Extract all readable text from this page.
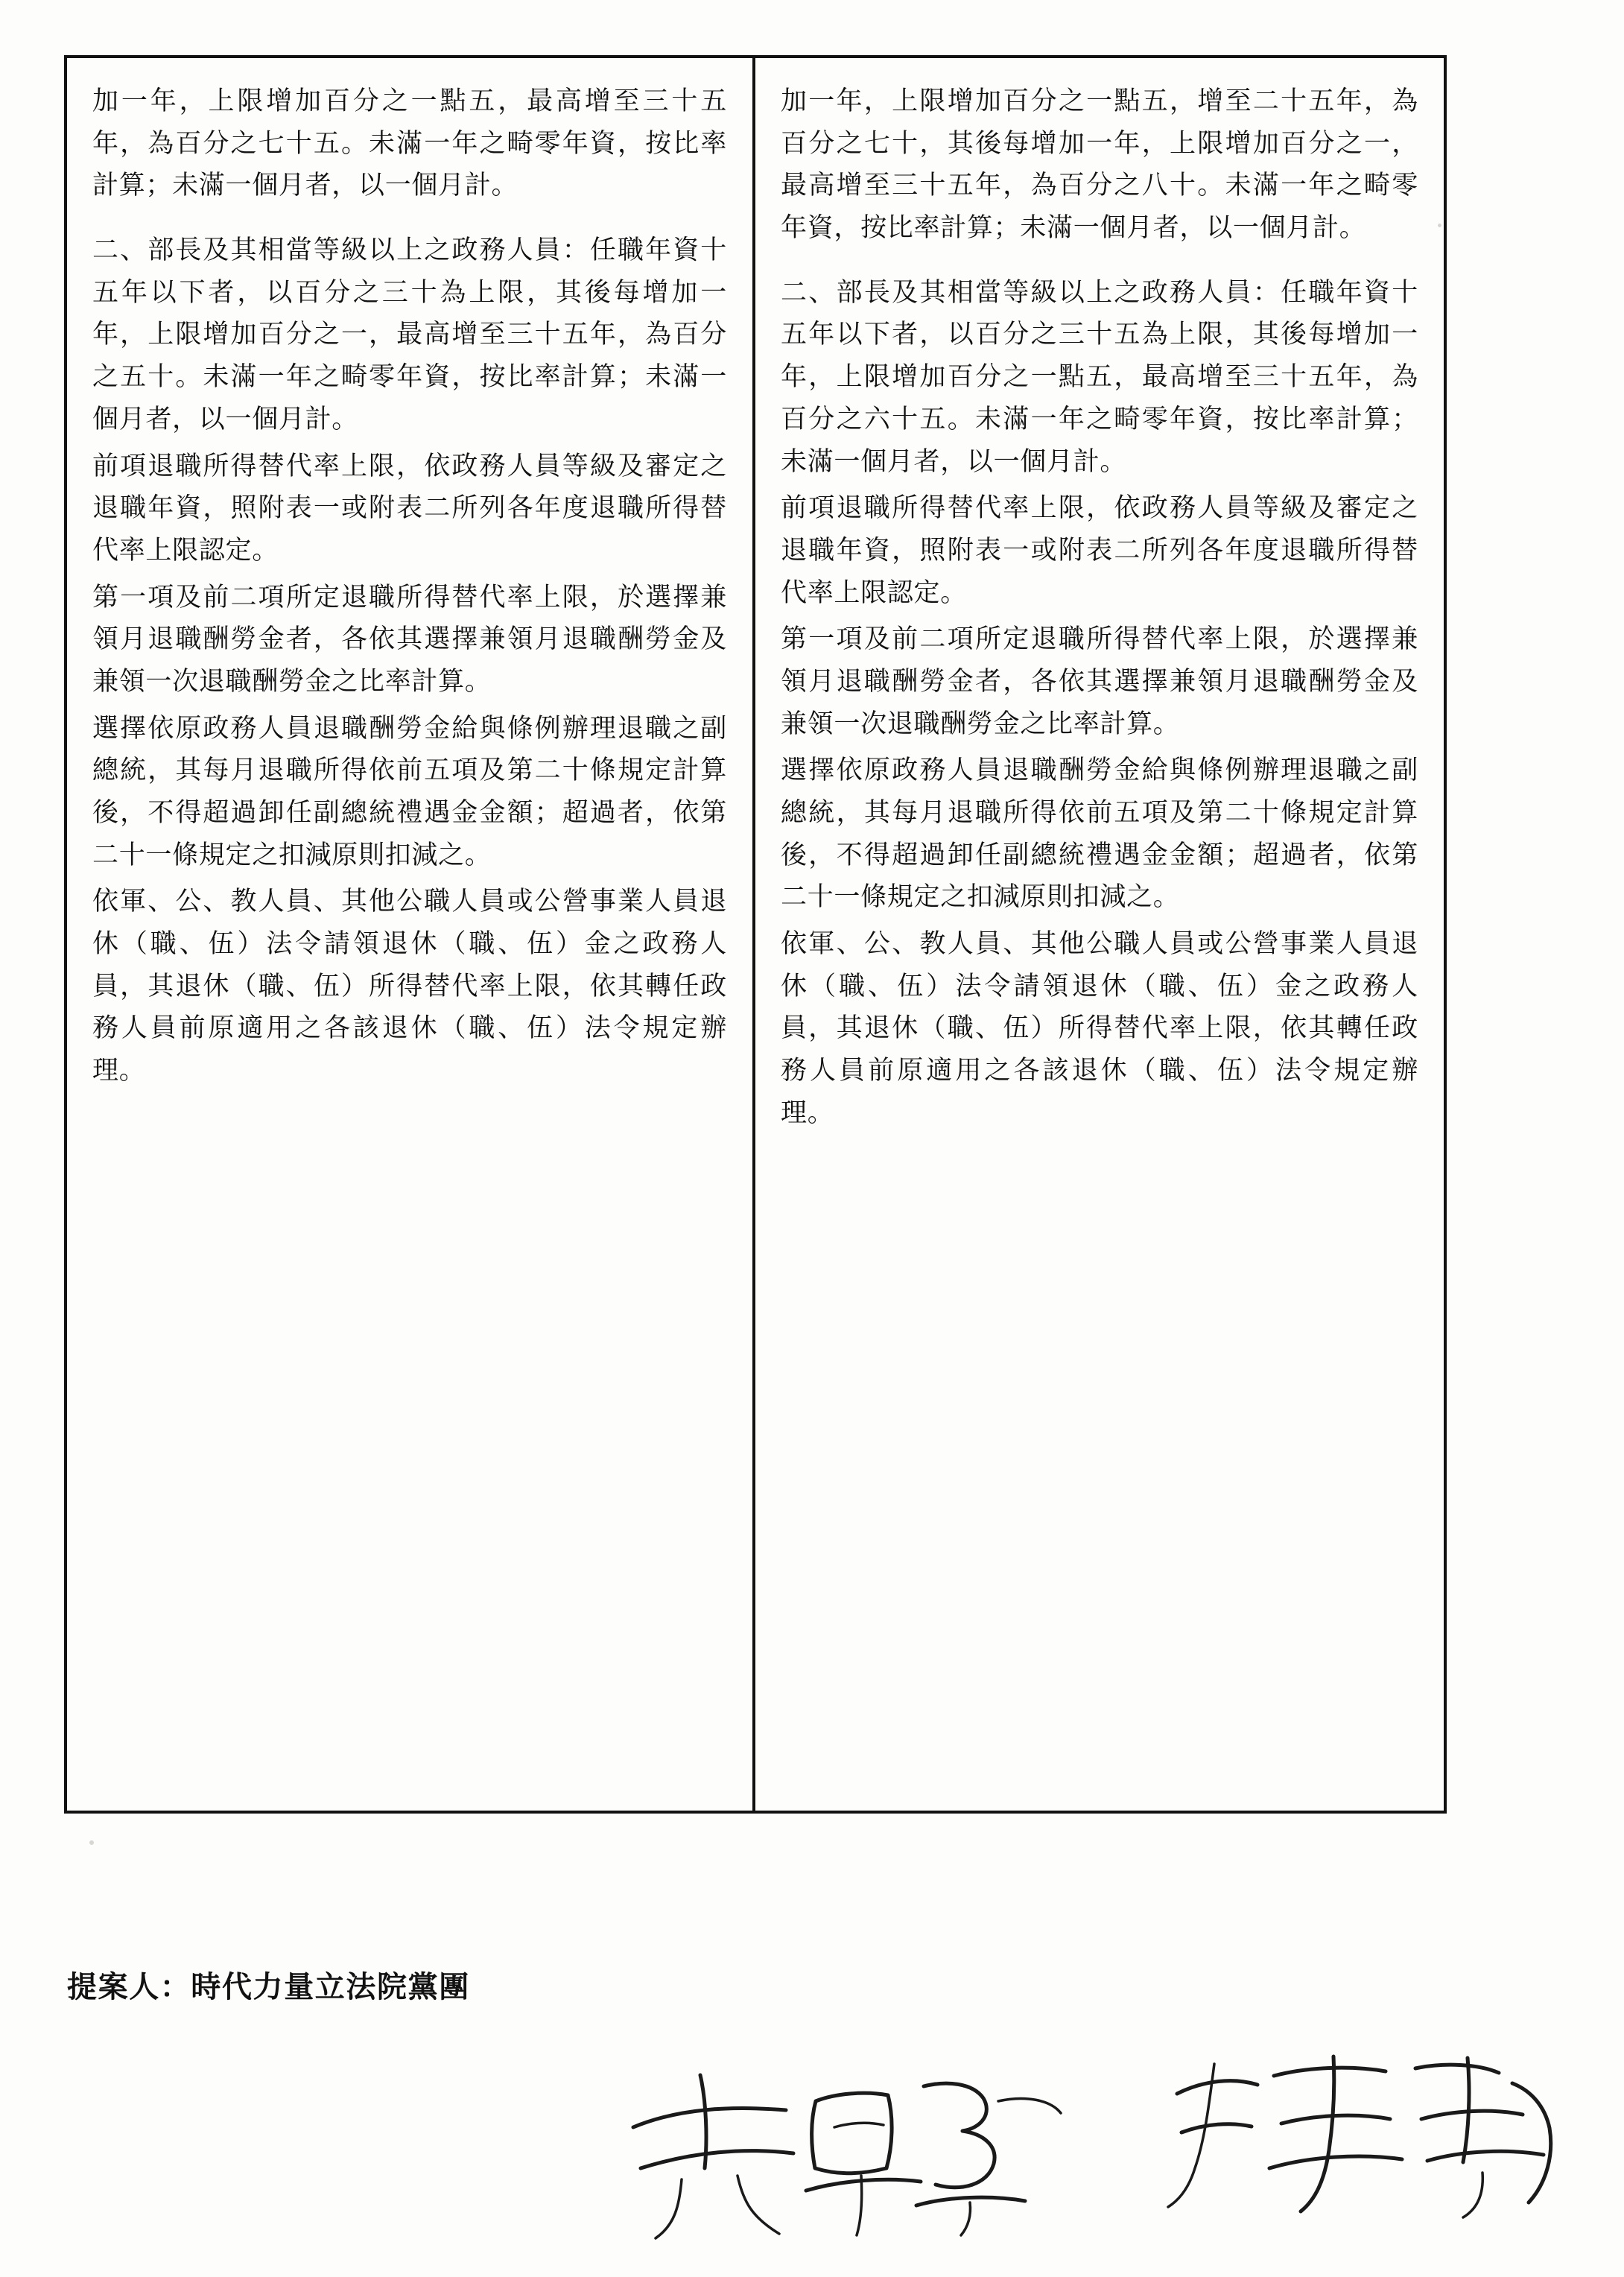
加一年，上限增加百分之一點五，最高增至三十五年，為百分之七十五。未滿一年之畸零年資，按比率計算；未滿一個月者，以一個月計。

二、部長及其相當等級以上之政務人員：任職年資十五年以下者，以百分之三十為上限，其後每增加一年，上限增加百分之一，最高增至三十五年，為百分之五十。未滿一年之畸零年資，按比率計算；未滿一個月者，以一個月計。

前項退職所得替代率上限，依政務人員等級及審定之退職年資，照附表一或附表二所列各年度退職所得替代率上限認定。

第一項及前二項所定退職所得替代率上限，於選擇兼領月退職酬勞金者，各依其選擇兼領月退職酬勞金及兼領一次退職酬勞金之比率計算。

選擇依原政務人員退職酬勞金給與條例辦理退職之副總統，其每月退職所得依前五項及第二十條規定計算後，不得超過卸任副總統禮遇金金額；超過者，依第二十一條規定之扣減原則扣減之。

依軍、公、教人員、其他公職人員或公營事業人員退休（職、伍）法令請領退休（職、伍）金之政務人員，其退休（職、伍）所得替代率上限，依其轉任政務人員前原適用之各該退休（職、伍）法令規定辦理。

加一年，上限增加百分之一點五，增至二十五年，為百分之七十，其後每增加一年，上限增加百分之一，最高增至三十五年，為百分之八十。未滿一年之畸零年資，按比率計算；未滿一個月者，以一個月計。

二、部長及其相當等級以上之政務人員：任職年資十五年以下者，以百分之三十五為上限，其後每增加一年，上限增加百分之一點五，最高增至三十五年，為百分之六十五。未滿一年之畸零年資，按比率計算；未滿一個月者，以一個月計。

前項退職所得替代率上限，依政務人員等級及審定之退職年資，照附表一或附表二所列各年度退職所得替代率上限認定。

第一項及前二項所定退職所得替代率上限，於選擇兼領月退職酬勞金者，各依其選擇兼領月退職酬勞金及兼領一次退職酬勞金之比率計算。

選擇依原政務人員退職酬勞金給與條例辦理退職之副總統，其每月退職所得依前五項及第二十條規定計算後，不得超過卸任副總統禮遇金金額；超過者，依第二十一條規定之扣減原則扣減之。

依軍、公、教人員、其他公職人員或公營事業人員退休（職、伍）法令請領退休（職、伍）金之政務人員，其退休（職、伍）所得替代率上限，依其轉任政務人員前原適用之各該退休（職、伍）法令規定辦理。

提案人：時代力量立法院黨團
